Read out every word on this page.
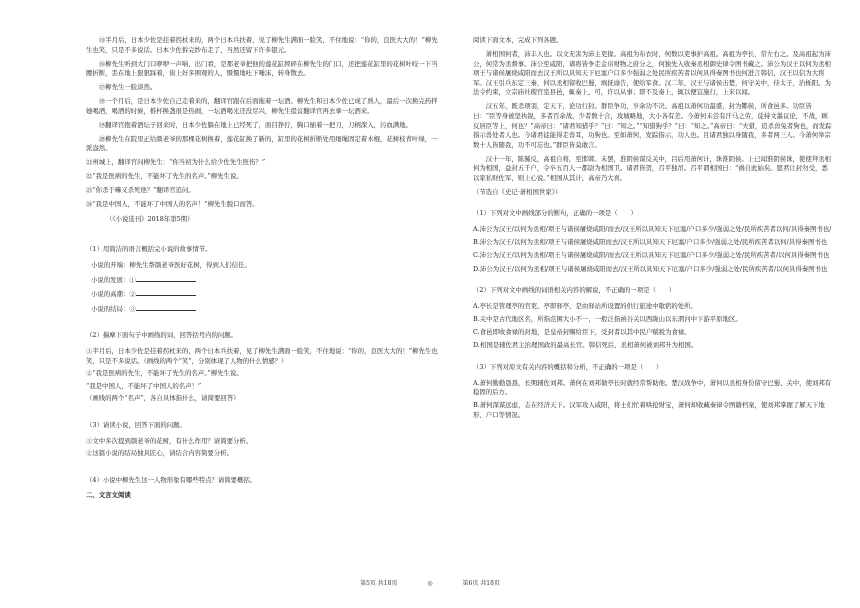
⑮半月后，日本少佐是挂着拐杖来的，两个日本兵扶着，见了柳先生满面一脸笑，不住地说：“你的，良医大大的！”柳先生也笑，只是不多说话。日本少佐拆完纱布走了，当然还留下许多银元。

⑯柳先生听到大门口咿咿一声响，出门看，是那老爷把他的莲花缸摔碎在柳先生的门口，还把莲花缸里的花树叶咬一下当腰折断，丢在地上狠狠踩着，街上好多围观的人，慑慑地吐下唾沫，转身散去。

⑰柳先生一脸淡然。

⑱一个月后，是日本少佐自己走着来的，翻译官跟在后面拖着一坛酒。柳先生和日本少佐已成了熟人，最后一次换完药拌她喝酒，喝酒的时候，推杯换盏很是热闹，一坛酒喝光还没尽兴，柳先生提议翻译官再去拿一坛酒来。

⑲翻译官抱着酒坛子回来时，日本少佐躺在地上已经死了，面目狰狞，胸口插着一把刀，刀柄深入，污血满地。

⑳柳先生在院里正给颜老爷的那棵花树换着，莲花缸换了新的，缸里的花树折断处用细绳固定着木棍，花树枝青叶绿，一派盎然。

㉑州城上，翻译官问柳先生：“你当初为什么给少佐先生医伤？”

㉒“我是医病的先生，不能坏了先生的名声。”柳先生说。

㉓“你杀于嘛又杀死他？”翻译官追问。

㉔“我是中国人，不能坏了中国人的名声！”柳先生脱口而答。

（《小说选刊》2018年第5期）

（1）用简洁的语言概括完小说的故事情节。

小说的开端：柳先生帮颜老爷医好花树，得到人们信任。

小说的发展：①

小说的高潮：②

小说的结局：③

（2）揣摩下面句子中画线的词，回答括号内的问题。

①半月后，日本少佐是挂着拐杖来的，两个日本兵扶着，见了柳先生满面一脸笑，不住地说：“你的，良医大大的！”柳先生也笑，只是不多说话。（画线的两个“笑”，分别体现了人物的什么情感？）

②“我是医病的先生，不能坏了先生的名声。”柳先生说。

“我是中国人，不能坏了中国人的名声！”

（画线的两个“名声”，各自具体指什么，请简要回答）

（3）请读小说，回答下面的问题。

①文中多次提到颜老爷的花树，有什么作用？请简要分析。

②这篇小说的结局独具匠心，请结合内容简要分析。

（4）小说中柳先生这一人物形象有哪些特点？请简要概括。

二、文言文阅读

阅读下面文本，完成下列各题。

萧相国何者，沛丰人也。以文无害为沛主吏掾。高祖为布衣时，何数以吏事护高祖。高祖为亭长，常左右之。及高祖起为沛公，何常为丞督事。沛公至咸阳，诸将皆争走金帛财物之府分之，何独先入收秦丞相御史律令图书藏之。沛公为汉王以何为丞相项王与诸侯屠烧咸阳而去汉王所以具知天下厄塞户口多少强弱之处民所疾苦者以何具得秦图书也何进言韩信，汉王以信为大将军。汉王引兵东定三秦，何以丞相留收巴蜀，填抚谕告，使给军食。汉二年，汉王与诸侯击楚，何守关中，侍太子，治栎阳。为法令约束，立宗庙社稷宫室县邑，辄奏上，可，许以从事；即不及奏上，辄以便宜施行，上来以闻。

汉五年，既杀项羽，定天下，论功行封。群臣争功，岁余功不决。高祖以萧何功最盛，封为酂侯，所食邑多。功臣皆曰：“臣等身被坚执锐，多者百余战，少者数十合，攻城略地，大小各有差。今萧何未尝有汗马之劳，徒持文墨议论，不战，顾反居臣等上，何也？”高帝曰：“诸君知猎乎？”曰：“知之。”“知猎狗乎？”曰：“知之。”高帝曰：“夫猎，追杀兽兔者狗也，而发踪指示兽处者人也。今诸君徒能得走兽耳，功狗也。至如萧何，发踪指示，功人也。且诸君独以身随我，多者两三人。今萧何举宗数十人皆随我，功不可忘也。”群臣皆莫敢言。

汉十一年，陈豨反，高祖自将，至邯郸。未罢，淮阴侯谋反关中，吕后用萧何计，诛淮阴侯。上已闻淮阴侯诛，使使拜丞相何为相国，益封五千户，令卒五百人一都尉为相国卫。诸君皆贺，召平独吊。召平谓相国曰：“祸自此始矣。愿君让封勿受，悉以家私财佐军，则上心说。”相国从其计，高帝乃大喜。

（节选自《史记·萧相国世家》）

（1）下列对文中画线部分的断句，正确的一项是（　　）

A.沛公为汉王/以何为丞相/项王与诸侯屠烧咸阳/而去/汉王所以具知天下厄塞/户口多少/强弱之处/民所疾苦者以何/具得秦图书也/

B.沛公为汉王/以何为丞相/项王与诸侯屠烧咸阳而去/汉王所以具知天下厄塞/户口多少/强弱之处/民所疾苦者以何/具得秦图书也

C.沛公为汉王/以何为丞相/项王与诸侯屠烧咸阳/而去/汉王所以具知天下厄塞/户口多少/强弱之处/民所疾苦者/以何具得秦图书也

D.沛公为汉王/以何为丞相/项王与诸侯屠烧咸阳而去/汉王所以具知天下厄塞/户口多少/强弱之处/民所疾苦者/以何具得秦图书也

（2）下列对文中画线的词语相关内容的解说，不正确的一项是（　　）

A.亭长是管理亭的官吏。亭即驿亭，是由驿站所设置的供行旅途中歇宿的处所。

B.关中是古代地区名，所指范围大小不一，一般泛指函谷关以西陇山以东渭河中下游平原地区。

C.食邑即收食禄的封地，是皇帝封赐给臣下，受封者以其中民户赋税为食禄。

D.相国是辅佐君主治理国政的最高长官。韩信死后，丞相萧何被刘邦升为相国。

（3）下列对原文有关内容的概括和分析，不正确的一项是（　　）

A.萧何勤勤恳恳，长期辅佐刘邦。萧何在刘邦做亭长时就经常帮助他。楚汉战争中，萧何以丞相身份留守巴蜀、关中，使刘邦有稳固的后方。

B.萧何深谋远虑，志在经济天下。汉军攻入咸阳，将士们忙着哄抢财宝，萧何却收藏秦律令图籍档案，使刘邦掌握了解天下地形、户口等情况。

第5页 共18页	◎	第6页 共18页
